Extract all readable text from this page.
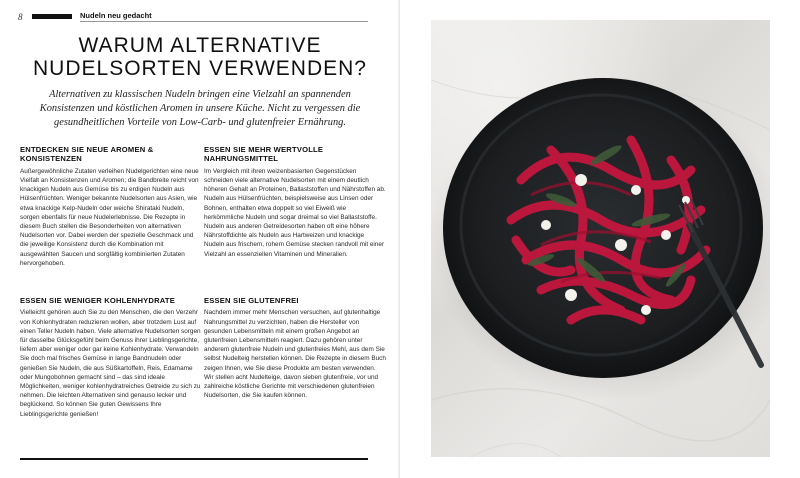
8	Nudeln neu gedacht
WARUM ALTERNATIVE NUDELSORTEN VERWENDEN?
Alternativen zu klassischen Nudeln bringen eine Vielzahl an spannenden Konsistenzen und köstlichen Aromen in unsere Küche. Nicht zu vergessen die gesundheitlichen Vorteile von Low-Carb- und glutenfreier Ernährung.
ENTDECKEN SIE NEUE AROMEN & KONSISTENZEN

Außergewöhnliche Zutaten verleihen Nudelgerichten eine neue Vielfalt an Konsistenzen und Aromen; die Bandbreite reicht von knackigen Nudeln aus Gemüse bis zu erdigen Nudeln aus Hülsenfrüchten. Weniger bekannte Nudelsorten aus Asien, wie etwa knackige Kelp-Nudeln oder weiche Shirataki Nudeln, sorgen ebenfalls für neue Nudelerlebnisse. Die Rezepte in diesem Buch stellen die Besonderheiten von alternativen Nudelsorten vor. Dabei werden der spezielle Geschmack und die jeweilige Konsistenz durch die Kombination mit ausgewählten Saucen und sorgfältig kombinierten Zutaten hervorgehoben.

ESSEN SIE MEHR WERTVOLLE NAHRUNGSMITTEL

Im Vergleich mit ihren weizenbasierten Gegenstücken schneiden viele alternative Nudelsorten mit einem deutlich höheren Gehalt an Proteinen, Ballaststoffen und Nährstoffen ab. Nudeln aus Hülsenfrüchten, beispielsweise aus Linsen oder Bohnen, enthalten etwa doppelt so viel Eiweiß wie herkömmliche Nudeln und sogar dreimal so viel Ballaststoffe. Nudeln aus anderen Getreidesorten haben oft eine höhere Nährstoffdichte als Nudeln aus Hartweizen und knackige Nudeln aus frischem, rohem Gemüse stecken randvoll mit einer Vielzahl an essenziellen Vitaminen und Mineralien.

ESSEN SIE WENIGER KOHLENHYDRATE

Vielleicht gehören auch Sie zu den Menschen, die den Verzehr von Kohlenhydraten reduzieren wollen, aber trotzdem Lust auf einen Teller Nudeln haben. Viele alternative Nudelsorten sorgen für dasselbe Glücksgefühl beim Genuss ihrer Lieblingsgerichte, liefern aber weniger oder gar keine Kohlenhydrate. Verwandeln Sie doch mal frisches Gemüse in lange Bandnudeln oder genießen Sie Nudeln, die aus Süßkartoffeln, Reis, Edamame oder Mungobohnen gemacht sind – das sind ideale Möglichkeiten, weniger kohlenhydratreiches Getreide zu sich zu nehmen. Die leichten Alternativen sind genauso lecker und beglückend. So können Sie guten Gewissens Ihre Lieblingsgerichte genießen!

ESSEN SIE GLUTENFREI

Nachdem immer mehr Menschen versuchen, auf glutenhaltige Nahrungsmittel zu verzichten, haben die Hersteller von gesunden Lebensmitteln mit einem großen Angebot an glutenfreien Lebensmitteln reagiert. Dazu gehören unter anderem glutenfreie Nudeln und glutenfreies Mehl, aus dem Sie selbst Nudelteig herstellen können. Die Rezepte in diesem Buch zeigen Ihnen, wie Sie diese Produkte am besten verwenden. Wir stellen acht Nudelteige, davon sieben glutenfreie, vor und zahlreiche köstliche Gerichte mit verschiedenen glutenfreien Nudelsorten, die Sie kaufen können.
